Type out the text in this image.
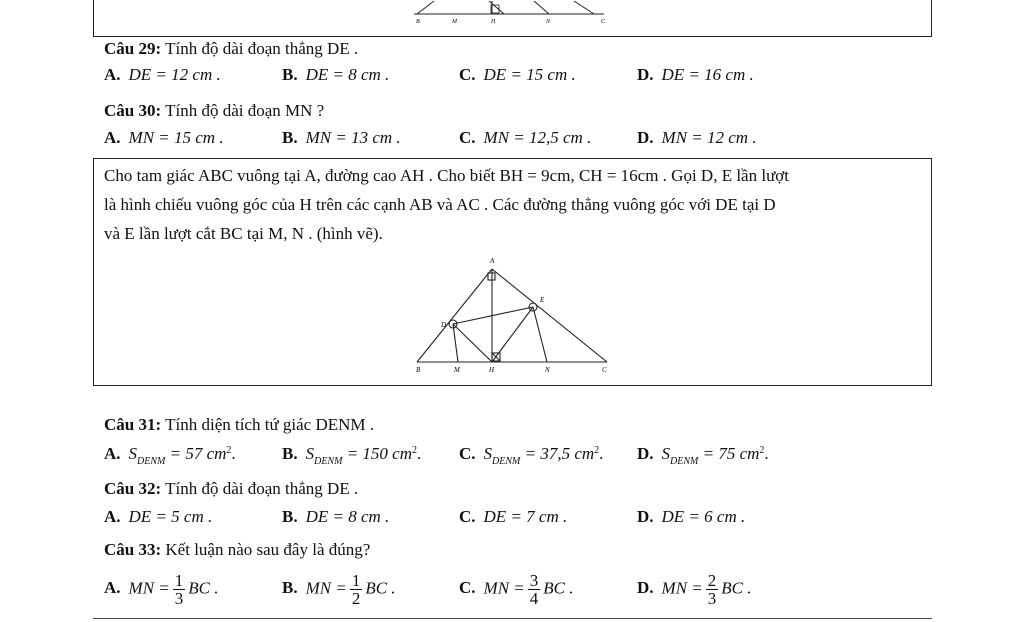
B	M	H	N	C
Câu 29: Tính độ dài đoạn thẳng DE .
A. DE = 12 cm .	B. DE = 8 cm .	C. DE = 15 cm .	D. DE = 16 cm .
Câu 30: Tính độ dài đoạn MN ?
A. MN = 15 cm .	B. MN = 13 cm .	C. MN = 12,5 cm .	D. MN = 12 cm .

Cho tam giác ABC vuông tại A, đường cao AH . Cho biết BH = 9cm, CH = 16cm . Gọi D, E lần lượt

là hình chiếu vuông góc của H trên các cạnh AB và AC . Các đường thẳng vuông góc với DE tại D

và E lần lượt cắt BC tại M, N . (hình vẽ).

A
B	M	H	N	C
D
E
Câu 31: Tính diện tích tứ giác DENM .
A. $S_{DENM} = 57$ $cm^2$.	B. $S_{DENM} = 150$ $cm^2$. C. $S_{DENM} = 37,5$ $cm^2$. D. $S_{DENM} = 75$ $cm^2$.
Câu 32: Tính độ dài đoạn thẳng DE .
A. DE = 5 cm .	B. DE = 8 cm .	C. DE = 7 cm .	D. DE = 6 cm .
Câu 33: Kết luận nào sau đây là đúng?
A. MN = $\frac{1}{3}$ BC .	B. MN = $\frac{1}{2}$ BC .	C. MN = $\frac{3}{4}$ BC .	D. MN = $\frac{2}{3}$ BC .
